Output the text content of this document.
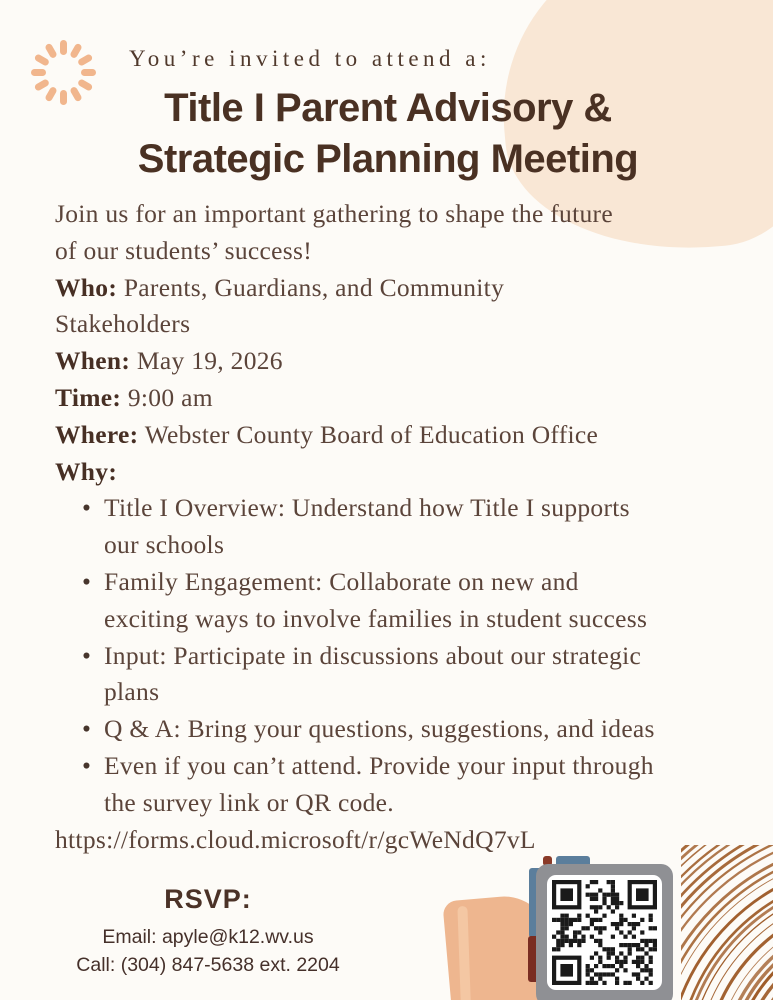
You’re invited to attend a:
Title I Parent Advisory &
Strategic Planning Meeting
Join us for an important gathering to shape the future
of our students’ success!
Who: Parents, Guardians, and Community
Stakeholders
When: May 19, 2026
Time: 9:00 am
Where: Webster County Board of Education Office
Why:
• Title I Overview: Understand how Title I supports
our schools
• Family Engagement: Collaborate on new and
exciting ways to involve families in student success
• Input: Participate in discussions about our strategic
plans
• Q & A: Bring your questions, suggestions, and ideas
• Even if you can’t attend. Provide your input through
the survey link or QR code.
https://forms.cloud.microsoft/r/gcWeNdQ7vL
RSVP:
Email: apyle@k12.wv.us
Call: (304) 847-5638 ext. 2204
